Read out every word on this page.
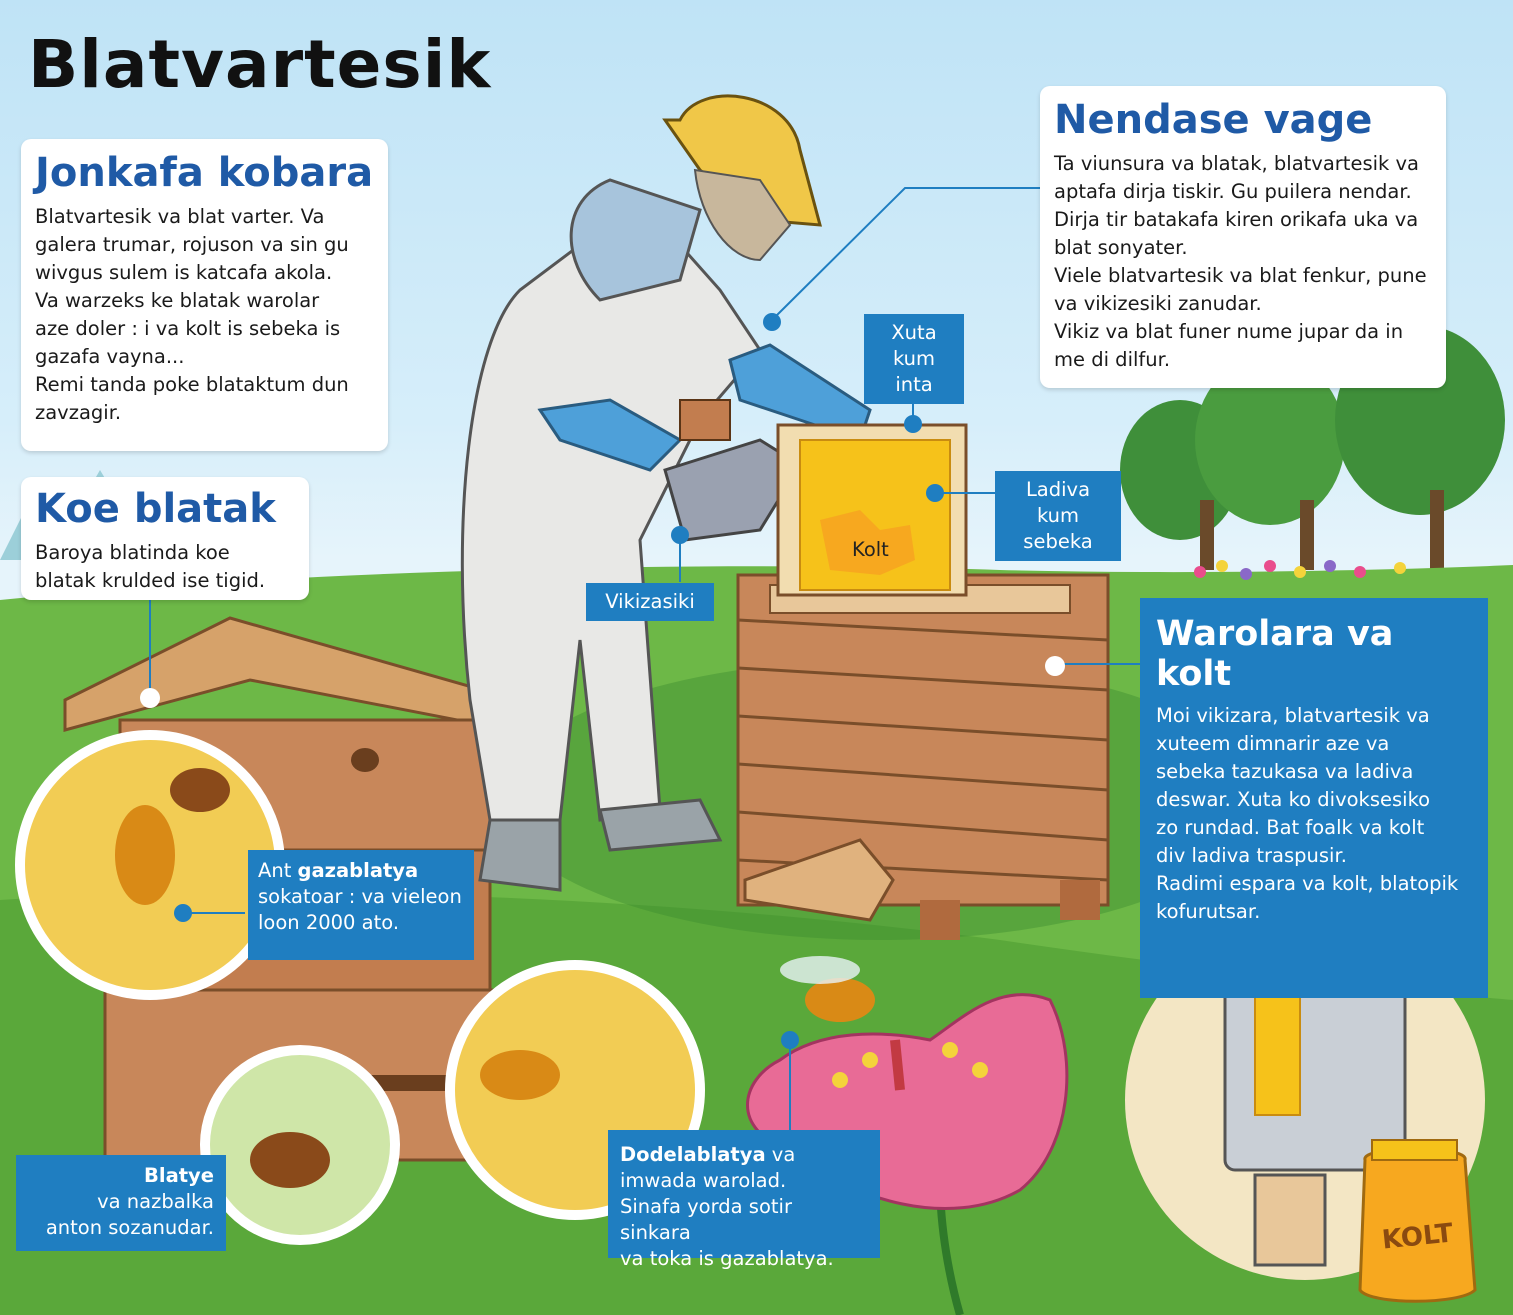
Blatvartesik
Jonkafa kobara

Blatvartesik va blat varter. Va
galera trumar, rojuson va sin gu
wivgus sulem is katcafa akola.
Va warzeks ke blatak warolar
aze doler : i va kolt is sebeka is
gazafa vayna...
Remi tanda poke blataktum dun
zavzagir.

Koe blatak

Baroya blatinda koe
blatak krulded ise tigid.

Nendase vage

Ta viunsura va blatak, blatvartesik va
aptafa dirja tiskir. Gu puilera nendar.
Dirja tir batakafa kiren orikafa uka va
blat sonyater.
Viele blatvartesik va blat fenkur, pune
va vikizesiki zanudar.
Vikiz va blat funer nume jupar da in
me di dilfur.

Warolara va kolt

Moi vikizara, blatvartesik va
xuteem dimnarir aze va
sebeka tazukasa va ladiva
deswar. Xuta ko divoksesiko
zo rundad. Bat foalk va kolt
div ladiva traspusir.
Radimi espara va kolt, blatopik
kofurutsar.

Xuta
kum inta
Ladiva
kum sebeka
Kolt
Vikizasiki
KOLT

Ant gazablatya
sokatoar : va vieleon
loon 2000 ato.

Blatye

va nazbalka
anton sozanudar.

Dodelablatya va
imwada warolad.
Sinafa yorda sotir sinkara
va toka is gazablatya.
